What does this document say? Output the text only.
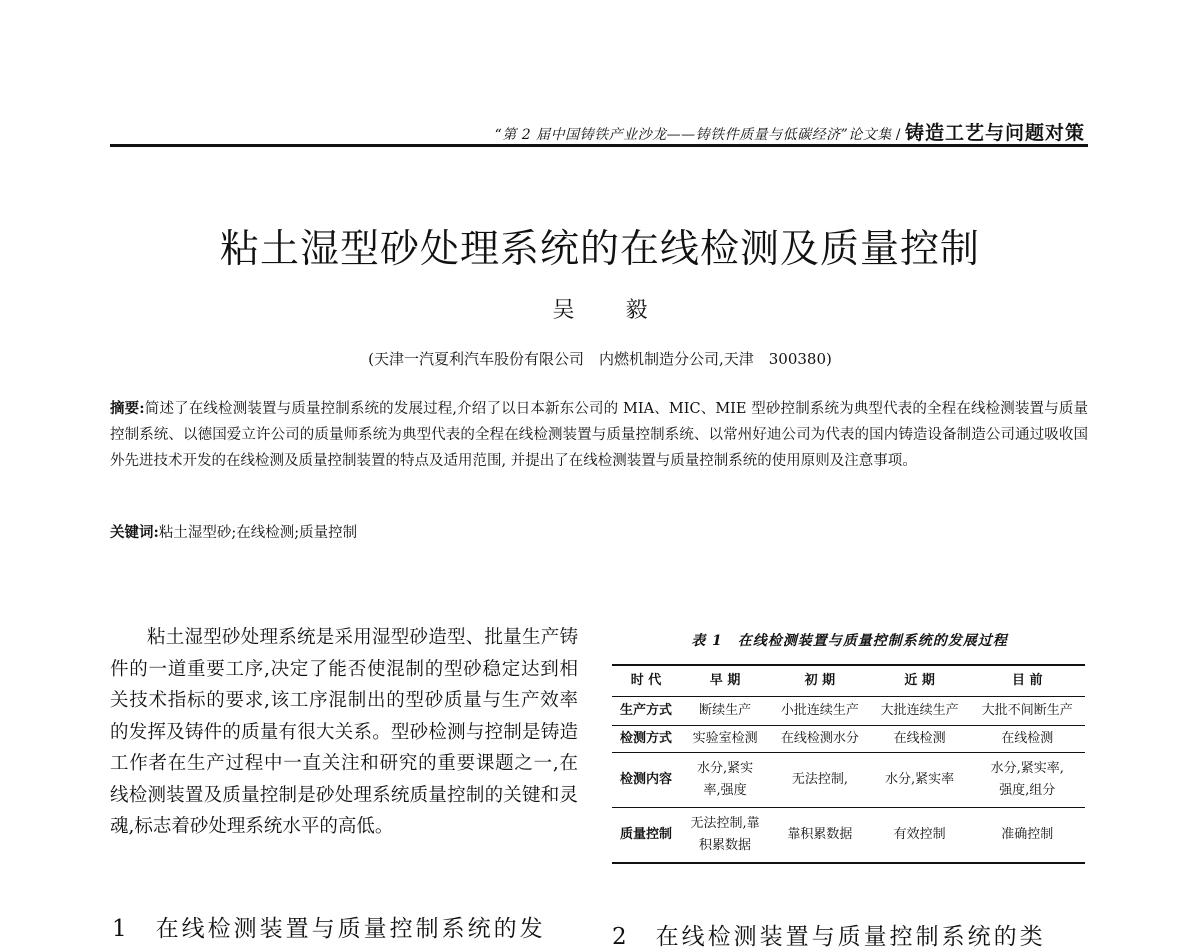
“第 2 届中国铸铁产业沙龙——铸铁件质量与低碳经济”论文集 / 铸造工艺与问题对策
粘土湿型砂处理系统的在线检测及质量控制
吴 毅
(天津一汽夏利汽车股份有限公司　内燃机制造分公司,天津　300380)
摘要:简述了在线检测装置与质量控制系统的发展过程,介绍了以日本新东公司的 MIA、MIC、MIE 型砂控制系统为典型代表的全程在线检测装置与质量控制系统、以德国爱立许公司的质量师系统为典型代表的全程在线检测装置与质量控制系统、以常州好迪公司为代表的国内铸造设备制造公司通过吸收国外先进技术开发的在线检测及质量控制装置的特点及适用范围, 并提出了在线检测装置与质量控制系统的使用原则及注意事项。
关键词:粘土湿型砂;在线检测;质量控制

粘土湿型砂处理系统是采用湿型砂造型、批量生产铸件的一道重要工序,决定了能否使混制的型砂稳定达到相关技术指标的要求,该工序混制出的型砂质量与生产效率的发挥及铸件的质量有很大关系。型砂检测与控制是铸造工作者在生产过程中一直关注和研究的重要课题之一,在线检测装置及质量控制是砂处理系统质量控制的关键和灵魂,标志着砂处理系统水平的高低。

1　在线检测装置与质量控制系统的发	2　在线检测装置与质量控制系统的类
表 1　在线检测装置与质量控制系统的发展过程
时 代	早 期	初 期	近 期	目 前
生产方式	断续生产	小批连续生产	大批连续生产	大批不间断生产
检测方式	实验室检测	在线检测水分	在线检测	在线检测
检测内容	水分,紧实率,强度	无法控制,	水分,紧实率	水分,紧实率,强度,组分
质量控制	无法控制,靠积累数据	靠积累数据	有效控制	准确控制
